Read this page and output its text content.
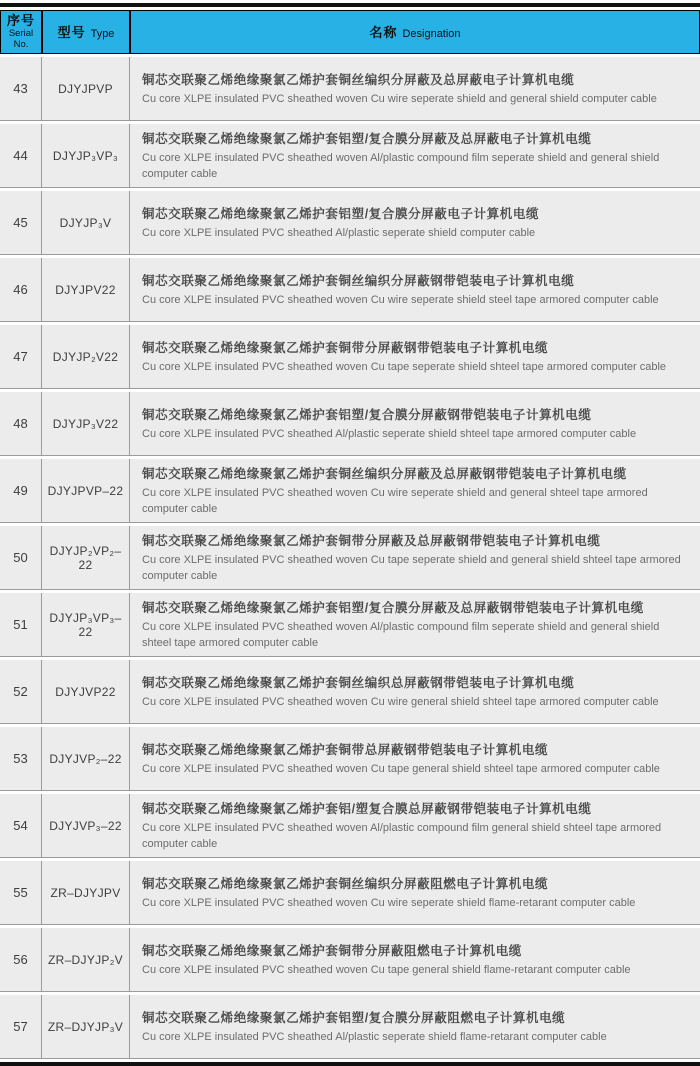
序号
Serial
No.	型号 Type	名称 Designation
43	DJYJPVP	铜芯交联聚乙烯绝缘聚氯乙烯护套铜丝编织分屏蔽及总屏蔽电子计算机电缆
Cu core XLPE insulated PVC sheathed woven Cu wire seperate shield and general shield computer cable

44	DJYJP₃VP₃	铜芯交联聚乙烯绝缘聚氯乙烯护套铝塑/复合膜分屏蔽及总屏蔽电子计算机电缆
Cu core XLPE insulated PVC sheathed woven Al/plastic compound film seperate shield and general shield computer cable

45	DJYJP₃V	铜芯交联聚乙烯绝缘聚氯乙烯护套铝塑/复合膜分屏蔽电子计算机电缆
Cu core XLPE insulated PVC sheathed Al/plastic seperate shield computer cable

46	DJYJPV22	铜芯交联聚乙烯绝缘聚氯乙烯护套铜丝编织分屏蔽钢带铠装电子计算机电缆
Cu core XLPE insulated PVC sheathed woven Cu wire seperate shield steel tape armored computer cable

47	DJYJP₂V22	铜芯交联聚乙烯绝缘聚氯乙烯护套铜带分屏蔽钢带铠装电子计算机电缆
Cu core XLPE insulated PVC sheathed woven Cu tape seperate shield shteel tape armored computer cable

48	DJYJP₃V22	铜芯交联聚乙烯绝缘聚氯乙烯护套铝塑/复合膜分屏蔽钢带铠装电子计算机电缆
Cu core XLPE insulated PVC sheathed Al/plastic seperate shield shteel tape armored computer cable

49	DJYJPVP–22	铜芯交联聚乙烯绝缘聚氯乙烯护套铜丝编织分屏蔽及总屏蔽钢带铠装电子计算机电缆
Cu core XLPE insulated PVC sheathed woven Cu wire seperate shield and general shteel tape armored computer cable

50	DJYJP₂VP₂–22	铜芯交联聚乙烯绝缘聚氯乙烯护套铜带分屏蔽及总屏蔽钢带铠装电子计算机电缆
Cu core XLPE insulated PVC sheathed woven Cu tape seperate shield and general shield shteel tape armored computer cable

51	DJYJP₃VP₃–22	铜芯交联聚乙烯绝缘聚氯乙烯护套铝塑/复合膜分屏蔽及总屏蔽钢带铠装电子计算机电缆
Cu core XLPE insulated PVC sheathed woven Al/plastic compound film seperate shield and general shield shteel tape armored computer cable

52	DJYJVP22	铜芯交联聚乙烯绝缘聚氯乙烯护套铜丝编织总屏蔽钢带铠装电子计算机电缆
Cu core XLPE insulated PVC sheathed woven Cu wire general shield shteel tape armored computer cable

53	DJYJVP₂–22	铜芯交联聚乙烯绝缘聚氯乙烯护套铜带总屏蔽钢带铠装电子计算机电缆
Cu core XLPE insulated PVC sheathed woven Cu tape general shield shteel tape armored computer cable

54	DJYJVP₃–22	铜芯交联聚乙烯绝缘聚氯乙烯护套铝/塑复合膜总屏蔽钢带铠装电子计算机电缆
Cu core XLPE insulated PVC sheathed woven Al/plastic compound film general shield shteel tape armored computer cable

55	ZR–DJYJPV	铜芯交联聚乙烯绝缘聚氯乙烯护套铜丝编织分屏蔽阻燃电子计算机电缆
Cu core XLPE insulated PVC sheathed woven Cu wire seperate shield flame-retarant computer cable

56	ZR–DJYJP₂V	铜芯交联聚乙烯绝缘聚氯乙烯护套铜带分屏蔽阻燃电子计算机电缆
Cu core XLPE insulated PVC sheathed woven Cu tape general shield flame-retarant computer cable

57	ZR–DJYJP₃V	铜芯交联聚乙烯绝缘聚氯乙烯护套铝塑/复合膜分屏蔽阻燃电子计算机电缆
Cu core XLPE insulated PVC sheathed Al/plastic seperate shield flame-retarant computer cable
